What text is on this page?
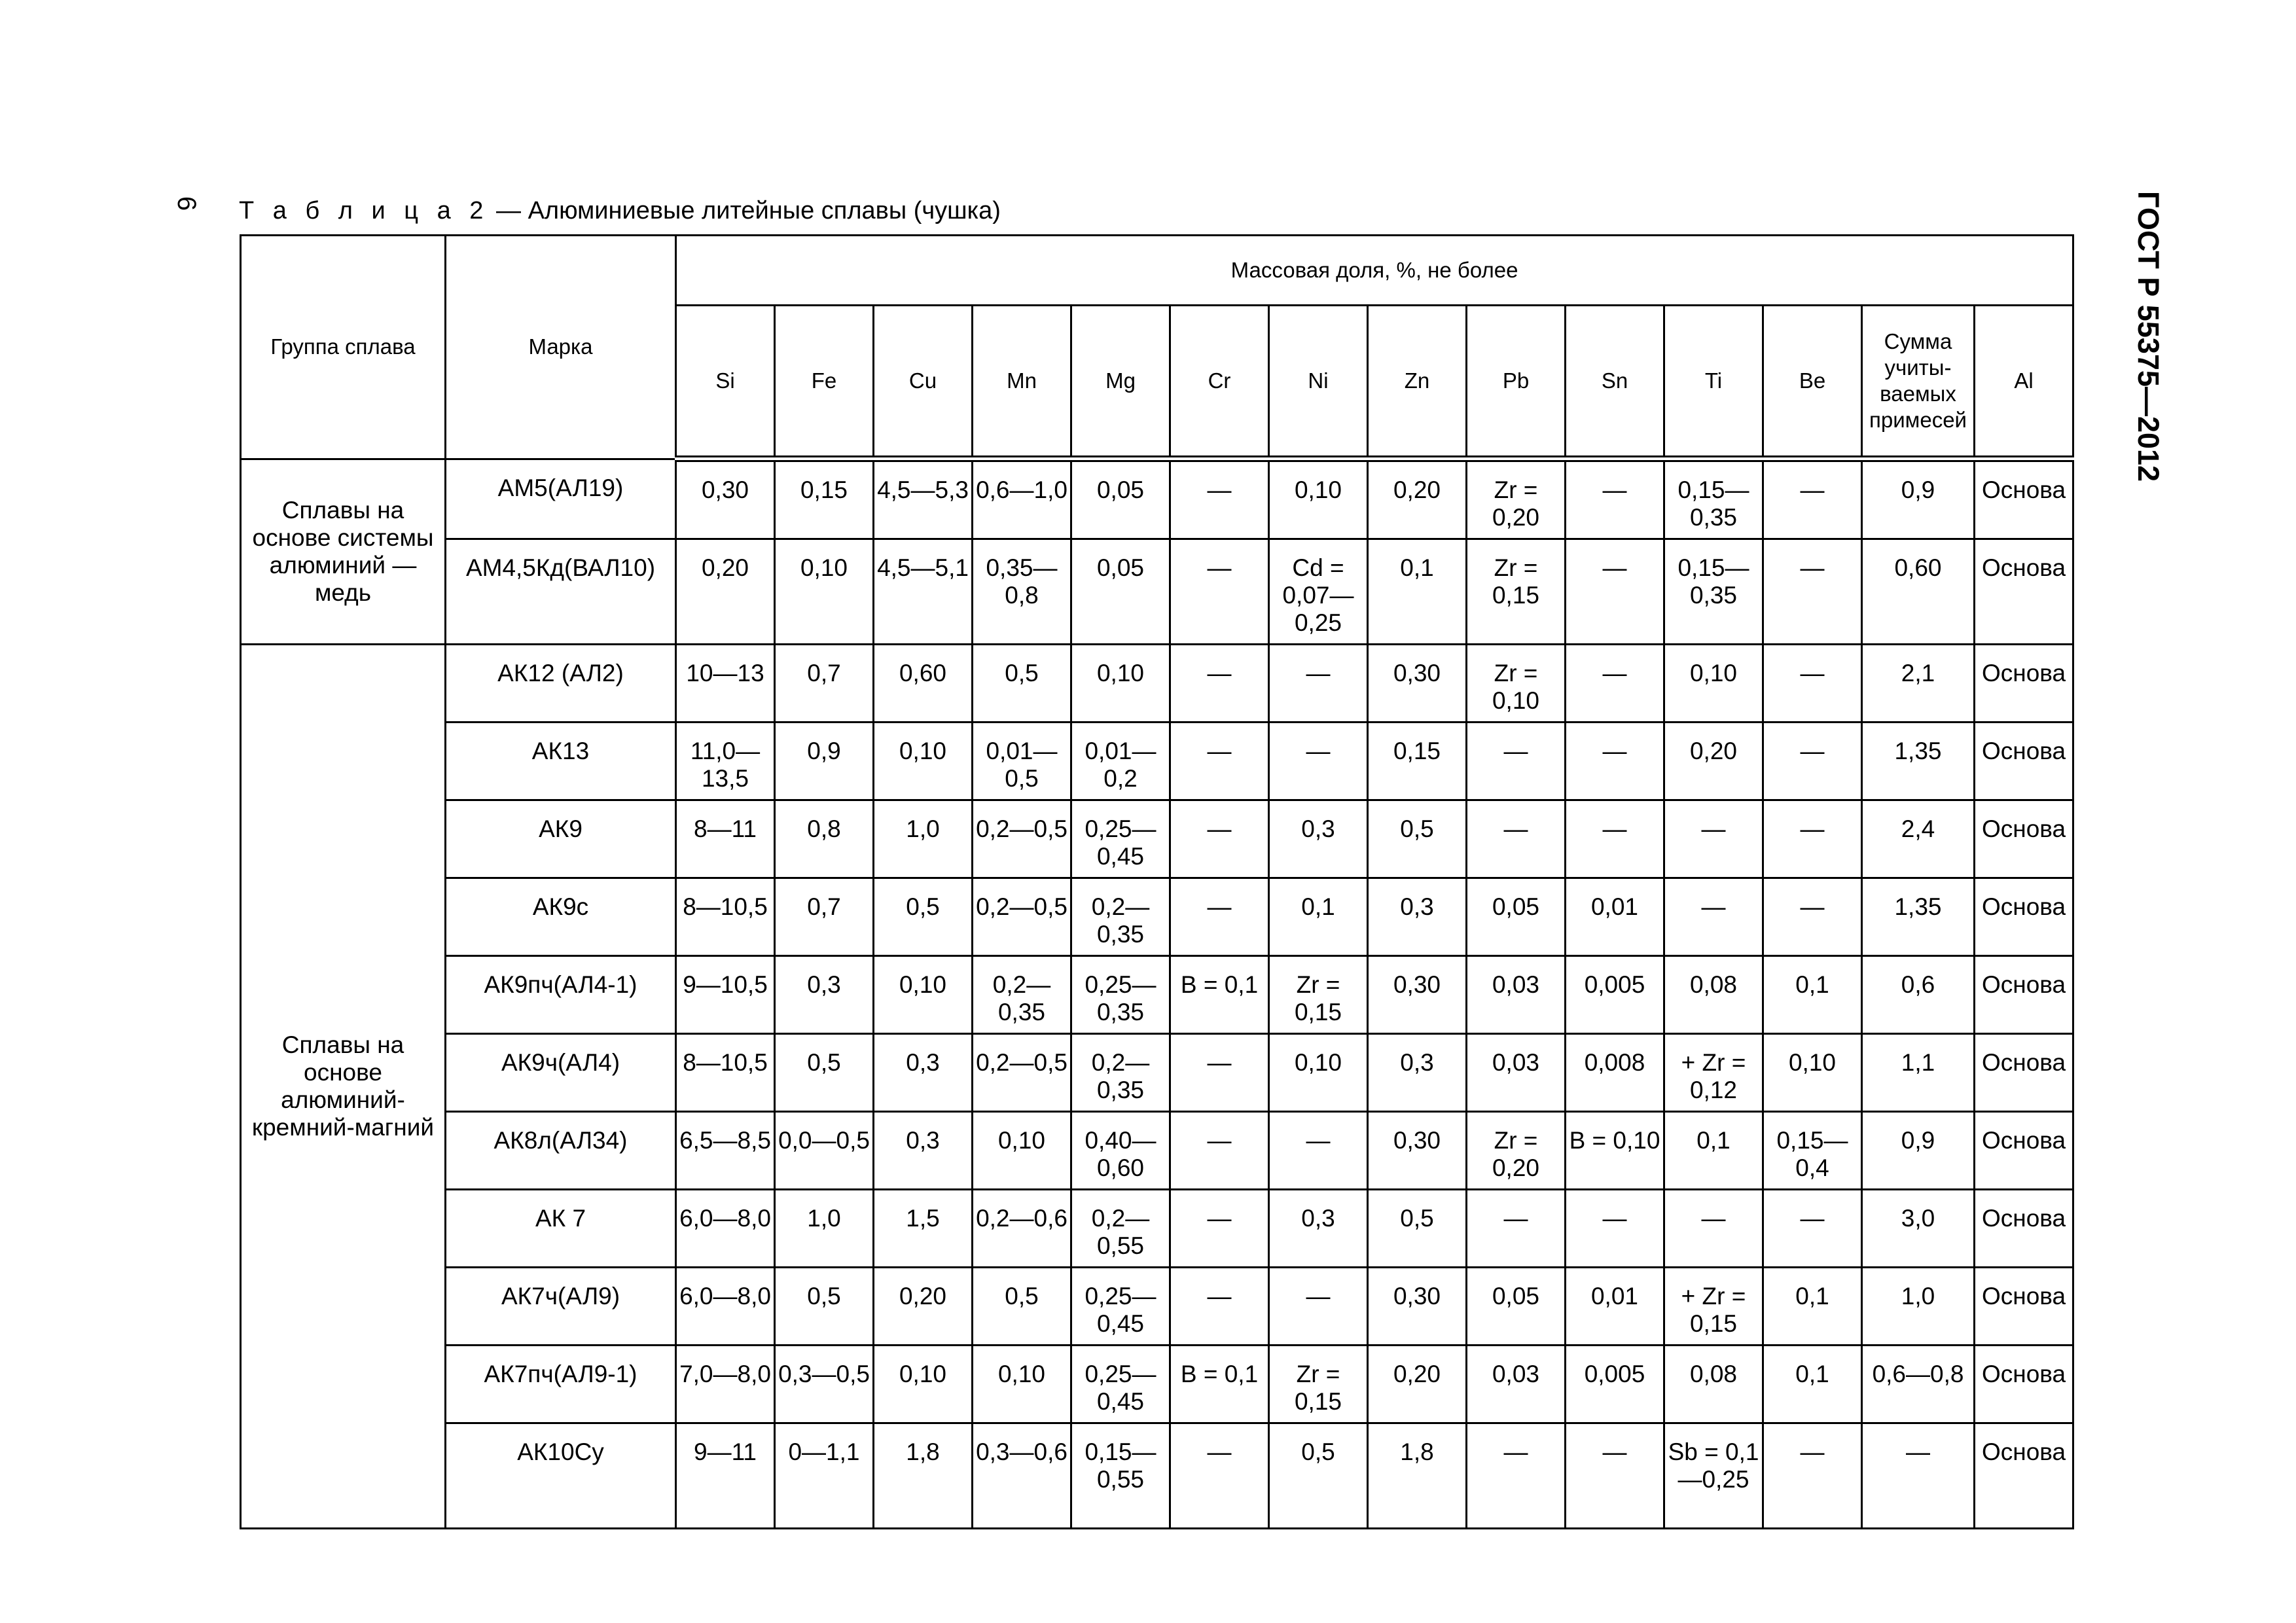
6	ГОСТ Р 55375—2012
Т а б л и ц а 2 — Алюминиевые литейные сплавы (чушка)
Группа сплава	Марка	Массовая доля, %, не более													
		Si	Fe	Cu	Mn	Mg	Cr	Ni	Zn	Pb	Sn	Ti	Be	Сумма учиты-ваемых примесей	Al
Сплавы на основе системы алюминий — медь	АМ5(АЛ19)	0,30	0,15	4,5—5,3	0,6—1,0	0,05	—	0,10	0,20	Zr = 0,20	—	0,15—0,35	—	0,9	Основа
	АМ4,5Кд(ВАЛ10)	0,20	0,10	4,5—5,1	0,35—0,8	0,05	—	Cd = 0,07—0,25	0,1	Zr = 0,15	—	0,15—0,35	—	0,60	Основа
Сплавы на основе алюминий-кремний-магний	АК12 (АЛ2)	10—13	0,7	0,60	0,5	0,10	—	—	0,30	Zr = 0,10	—	0,10	—	2,1	Основа
	АК13	11,0—13,5	0,9	0,10	0,01—0,5	0,01—0,2	—	—	0,15	—	—	0,20	—	1,35	Основа
	АК9	8—11	0,8	1,0	0,2—0,5	0,25—0,45	—	0,3	0,5	—	—	—	—	2,4	Основа
	АК9с	8—10,5	0,7	0,5	0,2—0,5	0,2—0,35	—	0,1	0,3	0,05	0,01	—	—	1,35	Основа
	АК9пч(АЛ4-1)	9—10,5	0,3	0,10	0,2—0,35	0,25—0,35	B = 0,1	Zr = 0,15	0,30	0,03	0,005	0,08	0,1	0,6	Основа
	АК9ч(АЛ4)	8—10,5	0,5	0,3	0,2—0,5	0,2—0,35	—	0,10	0,3	0,03	0,008	+ Zr = 0,12	0,10	1,1	Основа
	АК8л(АЛ34)	6,5—8,5	0,0—0,5	0,3	0,10	0,40—0,60	—	—	0,30	Zr = 0,20	B = 0,10	0,1	0,15—0,4	0,9	Основа
	АК 7	6,0—8,0	1,0	1,5	0,2—0,6	0,2—0,55	—	0,3	0,5	—	—	—	—	3,0	Основа
	АК7ч(АЛ9)	6,0—8,0	0,5	0,20	0,5	0,25—0,45	—	—	0,30	0,05	0,01	+ Zr = 0,15	0,1	1,0	Основа
	АК7пч(АЛ9-1)	7,0—8,0	0,3—0,5	0,10	0,10	0,25—0,45	B = 0,1	Zr = 0,15	0,20	0,03	0,005	0,08	0,1	0,6—0,8	Основа
	АК10Су	9—11	0—1,1	1,8	0,3—0,6	0,15—0,55	—	0,5	1,8	—	—	Sb = 0,1—0,25	—	—	Основа
